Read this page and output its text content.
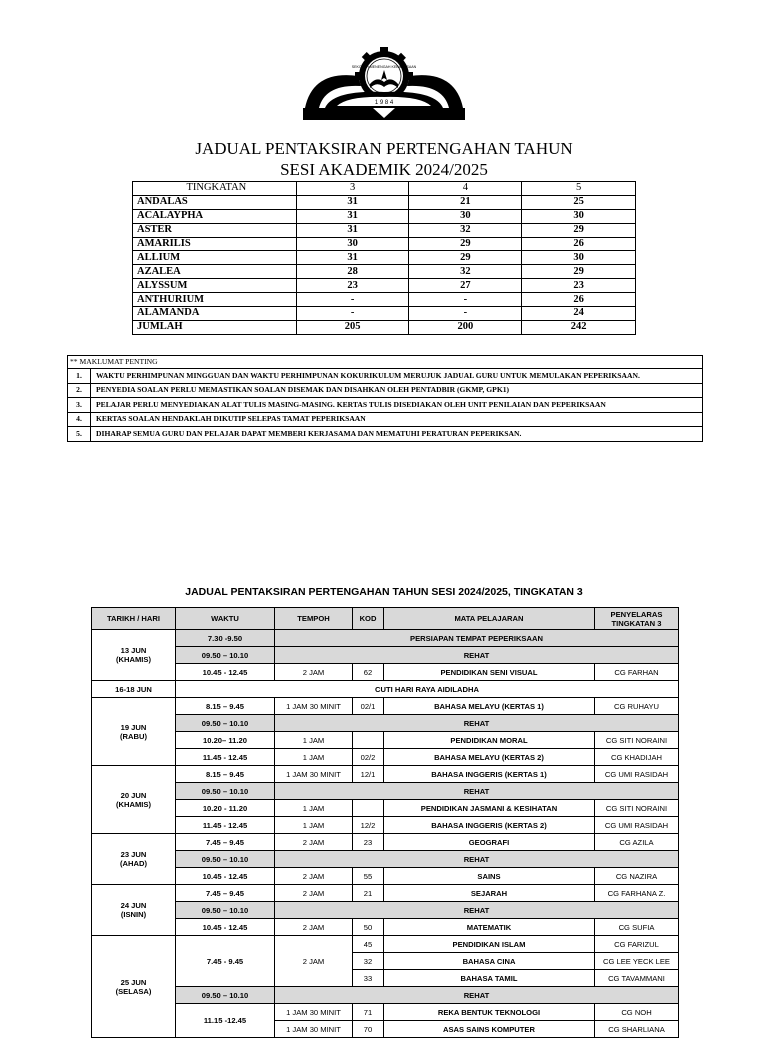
SEKOLAH MENENGAH KEBANGSAAN
1 9 8 4
JADUAL PENTAKSIRAN PERTENGAHAN TAHUN
SESI AKADEMIK 2024/2025
TINGKATAN	3	4	5
ANDALAS	31	21	25
ACALAYPHA	31	30	30
ASTER	31	32	29
AMARILIS	30	29	26
ALLIUM	31	29	30
AZALEA	28	32	29
ALYSSUM	23	27	23
ANTHURIUM	-	-	26
ALAMANDA	-	-	24
JUMLAH	205	200	242
** MAKLUMAT PENTING	
1.	WAKTU PERHIMPUNAN MINGGUAN DAN WAKTU PERHIMPUNAN KOKURIKULUM MERUJUK JADUAL GURU UNTUK MEMULAKAN PEPERIKSAAN.
2.	PENYEDIA SOALAN PERLU MEMASTIKAN SOALAN DISEMAK DAN DISAHKAN OLEH PENTADBIR (GKMP, GPK1)
3.	PELAJAR PERLU MENYEDIAKAN ALAT TULIS MASING-MASING. KERTAS TULIS DISEDIAKAN OLEH UNIT PENILAIAN DAN PEPERIKSAAN
4.	KERTAS SOALAN HENDAKLAH DIKUTIP SELEPAS TAMAT PEPERIKSAAN
5.	DIHARAP SEMUA GURU DAN PELAJAR DAPAT MEMBERI KERJASAMA DAN MEMATUHI PERATURAN PEPERIKSAN.
JADUAL PENTAKSIRAN PERTENGAHAN TAHUN SESI 2024/2025, TINGKATAN 3
TARIKH / HARI	WAKTU	TEMPOH	KOD	MATA PELAJARAN	PENYELARAS
TINGKATAN 3
13 JUN
(KHAMIS)	7.30 -9.50	PERSIAPAN TEMPAT PEPERIKSAAN			
	09.50 – 10.10	REHAT			
	10.45 - 12.45	2 JAM	62	PENDIDIKAN SENI VISUAL	CG FARHAN
16-18 JUN	CUTI HARI RAYA AIDILADHA				
19 JUN
(RABU)	8.15 – 9.45	1 JAM 30 MINIT	02/1	BAHASA MELAYU (KERTAS 1)	CG RUHAYU
	09.50 – 10.10	REHAT			
	10.20– 11.20	1 JAM		PENDIDIKAN MORAL	CG SITI NORAINI
	11.45 - 12.45	1 JAM	02/2	BAHASA MELAYU (KERTAS 2)	CG KHADIJAH
20 JUN
(KHAMIS)	8.15 – 9.45	1 JAM 30 MINIT	12/1	BAHASA INGGERIS (KERTAS 1)	CG UMI RASIDAH
	09.50 – 10.10	REHAT			
	10.20 - 11.20	1 JAM		PENDIDIKAN JASMANI & KESIHATAN	CG SITI NORAINI
	11.45 - 12.45	1 JAM	12/2	BAHASA INGGERIS (KERTAS 2)	CG UMI RASIDAH
23 JUN
(AHAD)	7.45 – 9.45	2 JAM	23	GEOGRAFI	CG AZILA
	09.50 – 10.10	REHAT			
	10.45 - 12.45	2 JAM	55	SAINS	CG NAZIRA
24 JUN
(ISNIN)	7.45 – 9.45	2 JAM	21	SEJARAH	CG FARHANA Z.
	09.50 – 10.10	REHAT			
	10.45 - 12.45	2 JAM	50	MATEMATIK	CG SUFIA
25 JUN
(SELASA)	7.45 - 9.45	2 JAM	45	PENDIDIKAN ISLAM	CG FARIZUL
			32	BAHASA CINA	CG LEE YECK LEE
			33	BAHASA TAMIL	CG TAVAMMANI
	09.50 – 10.10	REHAT			
	11.15 -12.45	1 JAM 30 MINIT	71	REKA BENTUK TEKNOLOGI	CG NOH
		1 JAM 30 MINIT	70	ASAS SAINS KOMPUTER	CG SHARLIANA
